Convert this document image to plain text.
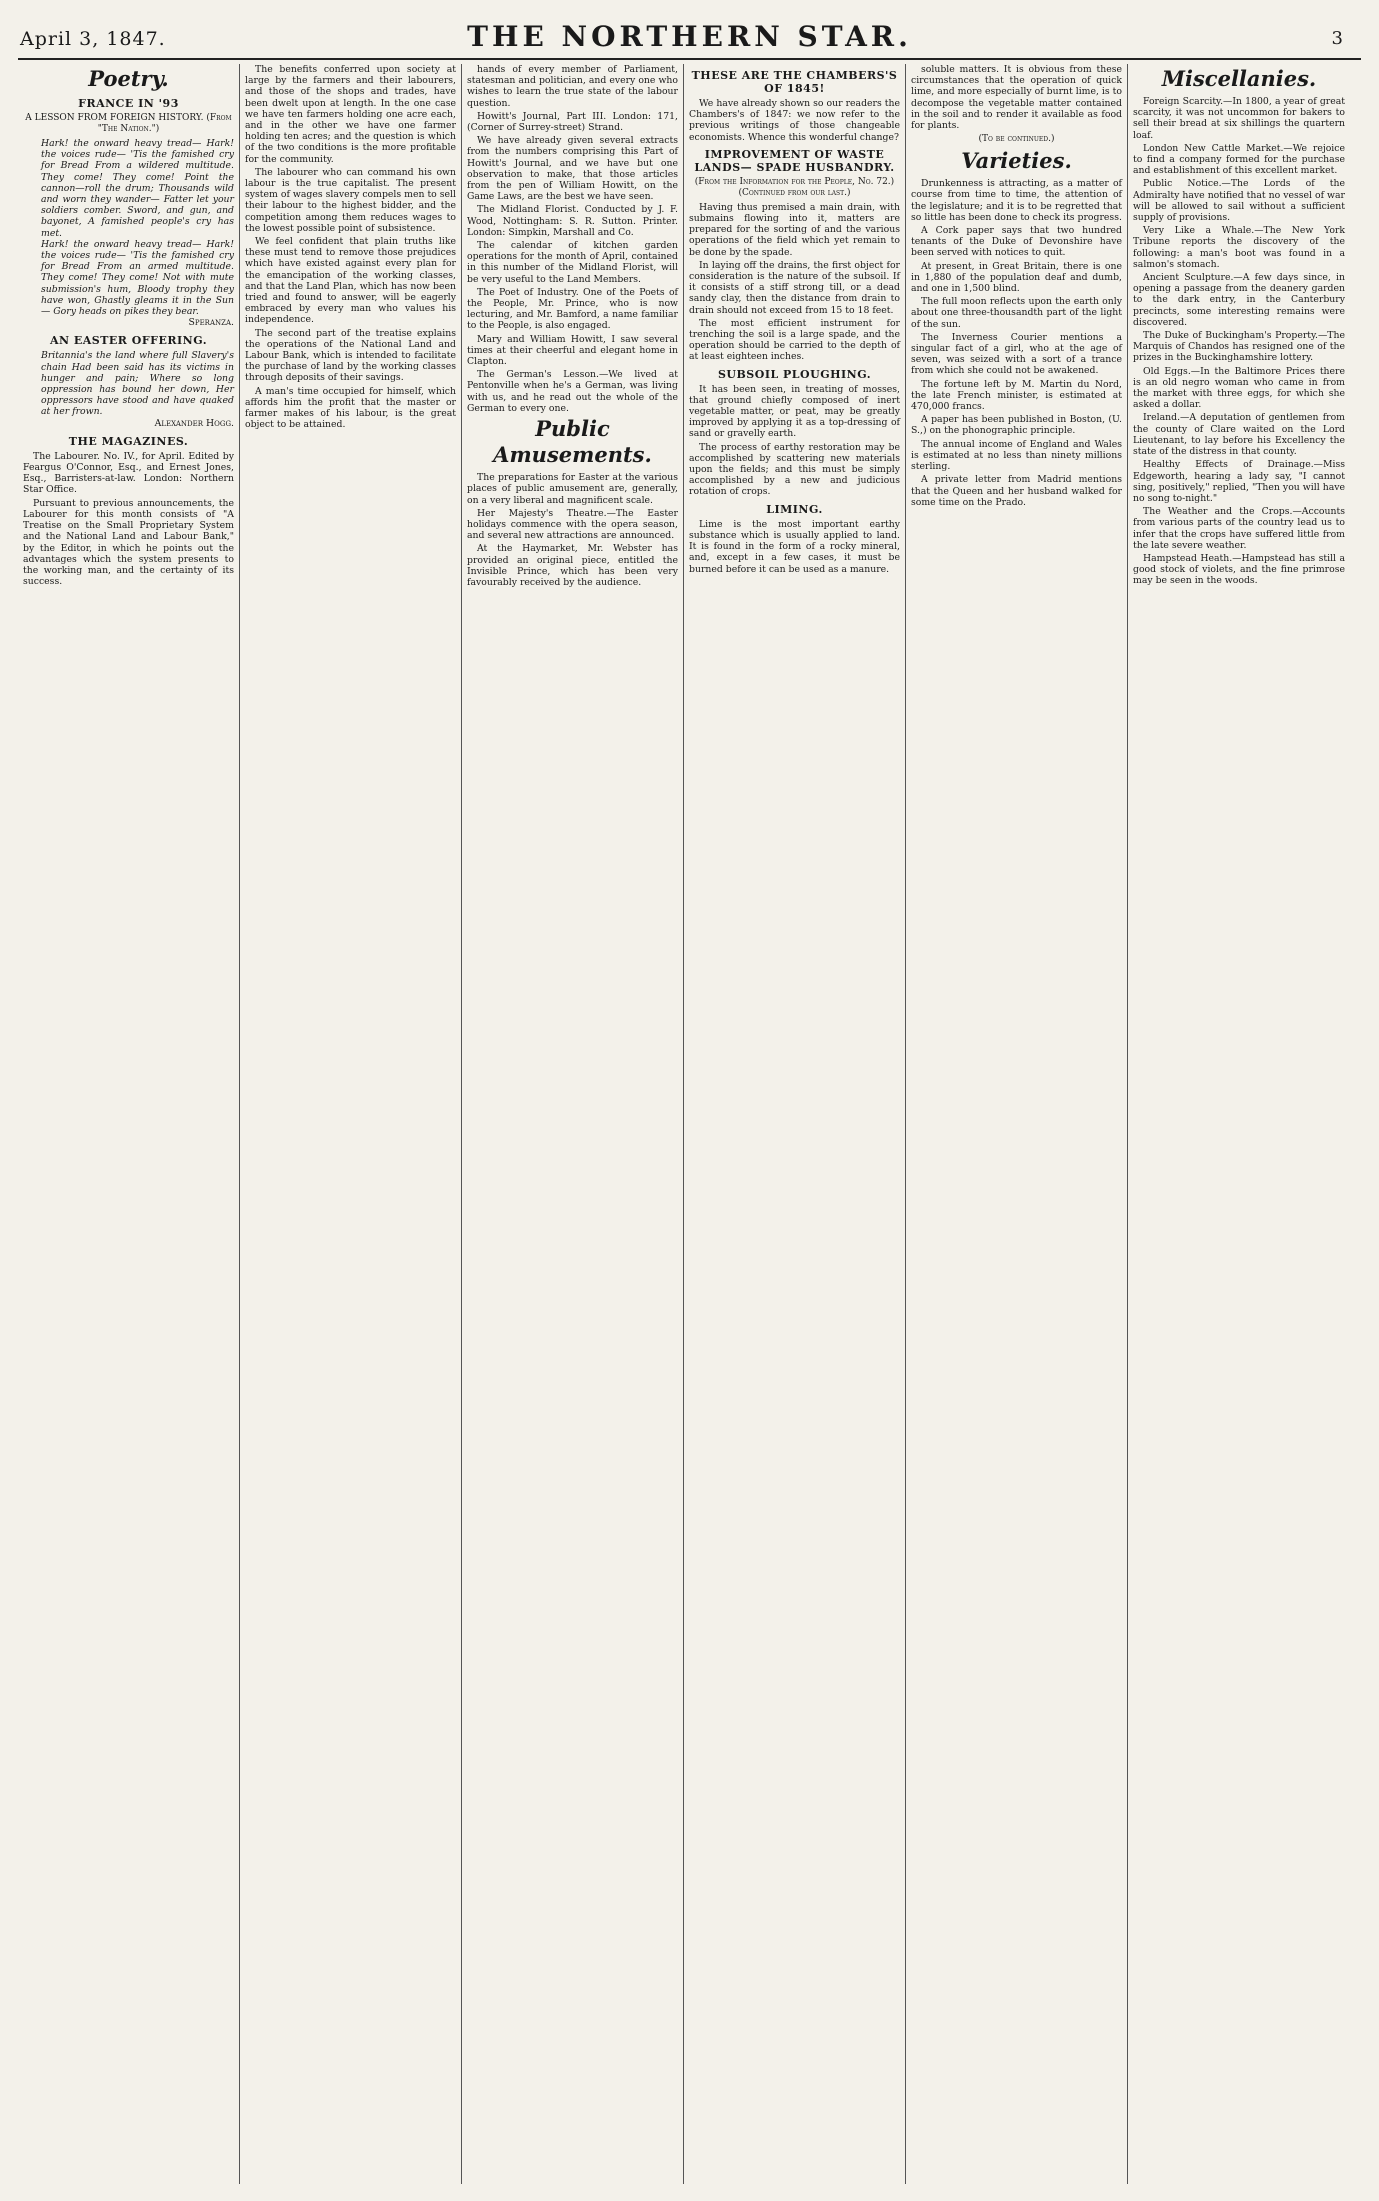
April 3, 1847.	THE NORTHERN STAR.	3
Poetry.
FRANCE IN '93
A LESSON FROM FOREIGN HISTORY. (From "The Nation.")

Hark! the onward heavy tread— Hark! the voices rude— 'Tis the famished cry for Bread From a wildered multitude. They come! They come! Point the cannon—roll the drum; Thousands wild and worn they wander— Fatter let your soldiers comber. Sword, and gun, and bayonet, A famished people's cry has met.

Hark! the onward heavy tread— Hark! the voices rude— 'Tis the famished cry for Bread From an armed multitude. They come! They come! Not with mute submission's hum, Bloody trophy they have won, Ghastly gleams it in the Sun— Gory heads on pikes they bear.

Speranza.

AN EASTER OFFERING.

Britannia's the land where full Slavery's chain Had been said has its victims in hunger and pain; Where so long oppression has bound her down, Her oppressors have stood and have quaked at her frown.

Alexander Hogg.

THE MAGAZINES.

The Labourer. No. IV., for April. Edited by Feargus O'Connor, Esq., and Ernest Jones, Esq., Barristers-at-law. London: Northern Star Office.

Pursuant to previous announcements, the Labourer for this month consists of "A Treatise on the Small Proprietary System and the National Land and Labour Bank," by the Editor, in which he points out the advantages which the system presents to the working man, and the certainty of its success.

The benefits conferred upon society at large by the farmers and their labourers, and those of the shops and trades, have been dwelt upon at length. In the one case we have ten farmers holding one acre each, and in the other we have one farmer holding ten acres; and the question is which of the two conditions is the more profitable for the community.

The labourer who can command his own labour is the true capitalist. The present system of wages slavery compels men to sell their labour to the highest bidder, and the competition among them reduces wages to the lowest possible point of subsistence.

We feel confident that plain truths like these must tend to remove those prejudices which have existed against every plan for the emancipation of the working classes, and that the Land Plan, which has now been tried and found to answer, will be eagerly embraced by every man who values his independence.

The second part of the treatise explains the operations of the National Land and Labour Bank, which is intended to facilitate the purchase of land by the working classes through deposits of their savings.

A man's time occupied for himself, which affords him the profit that the master or farmer makes of his labour, is the great object to be attained.

hands of every member of Parliament, statesman and politician, and every one who wishes to learn the true state of the labour question.

Howitt's Journal, Part III. London: 171, (Corner of Surrey-street) Strand.

We have already given several extracts from the numbers comprising this Part of Howitt's Journal, and we have but one observation to make, that those articles from the pen of William Howitt, on the Game Laws, are the best we have seen.

The Midland Florist. Conducted by J. F. Wood, Nottingham: S. R. Sutton. Printer. London: Simpkin, Marshall and Co.

The calendar of kitchen garden operations for the month of April, contained in this number of the Midland Florist, will be very useful to the Land Members.

The Poet of Industry. One of the Poets of the People, Mr. Prince, who is now lecturing, and Mr. Bamford, a name familiar to the People, is also engaged.

Mary and William Howitt, I saw several times at their cheerful and elegant home in Clapton.

The German's Lesson.—We lived at Pentonville when he's a German, was living with us, and he read out the whole of the German to every one.

Public Amusements.

The preparations for Easter at the various places of public amusement are, generally, on a very liberal and magnificent scale.

Her Majesty's Theatre.—The Easter holidays commence with the opera season, and several new attractions are announced.

At the Haymarket, Mr. Webster has provided an original piece, entitled the Invisible Prince, which has been very favourably received by the audience.

THESE ARE THE CHAMBERS'S OF 1845!

We have already shown so our readers the Chambers's of 1847: we now refer to the previous writings of those changeable economists. Whence this wonderful change?

IMPROVEMENT OF WASTE LANDS— SPADE HUSBANDRY.
(From the Information for the People, No. 72.) (Continued from our last.)

Having thus premised a main drain, with submains flowing into it, matters are prepared for the sorting of and the various operations of the field which yet remain to be done by the spade.

In laying off the drains, the first object for consideration is the nature of the subsoil. If it consists of a stiff strong till, or a dead sandy clay, then the distance from drain to drain should not exceed from 15 to 18 feet.

The most efficient instrument for trenching the soil is a large spade, and the operation should be carried to the depth of at least eighteen inches.

SUBSOIL PLOUGHING.

It has been seen, in treating of mosses, that ground chiefly composed of inert vegetable matter, or peat, may be greatly improved by applying it as a top-dressing of sand or gravelly earth.

The process of earthy restoration may be accomplished by scattering new materials upon the fields; and this must be simply accomplished by a new and judicious rotation of crops.

LIMING.

Lime is the most important earthy substance which is usually applied to land. It is found in the form of a rocky mineral, and, except in a few cases, it must be burned before it can be used as a manure.

soluble matters. It is obvious from these circumstances that the operation of quick lime, and more especially of burnt lime, is to decompose the vegetable matter contained in the soil and to render it available as food for plants.

(To be continued.)
Varieties.

Drunkenness is attracting, as a matter of course from time to time, the attention of the legislature; and it is to be regretted that so little has been done to check its progress.

A Cork paper says that two hundred tenants of the Duke of Devonshire have been served with notices to quit.

At present, in Great Britain, there is one in 1,880 of the population deaf and dumb, and one in 1,500 blind.

The full moon reflects upon the earth only about one three-thousandth part of the light of the sun.

The Inverness Courier mentions a singular fact of a girl, who at the age of seven, was seized with a sort of a trance from which she could not be awakened.

The fortune left by M. Martin du Nord, the late French minister, is estimated at 470,000 francs.

A paper has been published in Boston, (U. S.,) on the phonographic principle.

The annual income of England and Wales is estimated at no less than ninety millions sterling.

A private letter from Madrid mentions that the Queen and her husband walked for some time on the Prado.

Miscellanies.

Foreign Scarcity.—In 1800, a year of great scarcity, it was not uncommon for bakers to sell their bread at six shillings the quartern loaf.

London New Cattle Market.—We rejoice to find a company formed for the purchase and establishment of this excellent market.

Public Notice.—The Lords of the Admiralty have notified that no vessel of war will be allowed to sail without a sufficient supply of provisions.

Very Like a Whale.—The New York Tribune reports the discovery of the following: a man's boot was found in a salmon's stomach.

Ancient Sculpture.—A few days since, in opening a passage from the deanery garden to the dark entry, in the Canterbury precincts, some interesting remains were discovered.

The Duke of Buckingham's Property.—The Marquis of Chandos has resigned one of the prizes in the Buckinghamshire lottery.

Old Eggs.—In the Baltimore Prices there is an old negro woman who came in from the market with three eggs, for which she asked a dollar.

Ireland.—A deputation of gentlemen from the county of Clare waited on the Lord Lieutenant, to lay before his Excellency the state of the distress in that county.

Healthy Effects of Drainage.—Miss Edgeworth, hearing a lady say, "I cannot sing, positively," replied, "Then you will have no song to-night."

The Weather and the Crops.—Accounts from various parts of the country lead us to infer that the crops have suffered little from the late severe weather.

Hampstead Heath.—Hampstead has still a good stock of violets, and the fine primrose may be seen in the woods.
